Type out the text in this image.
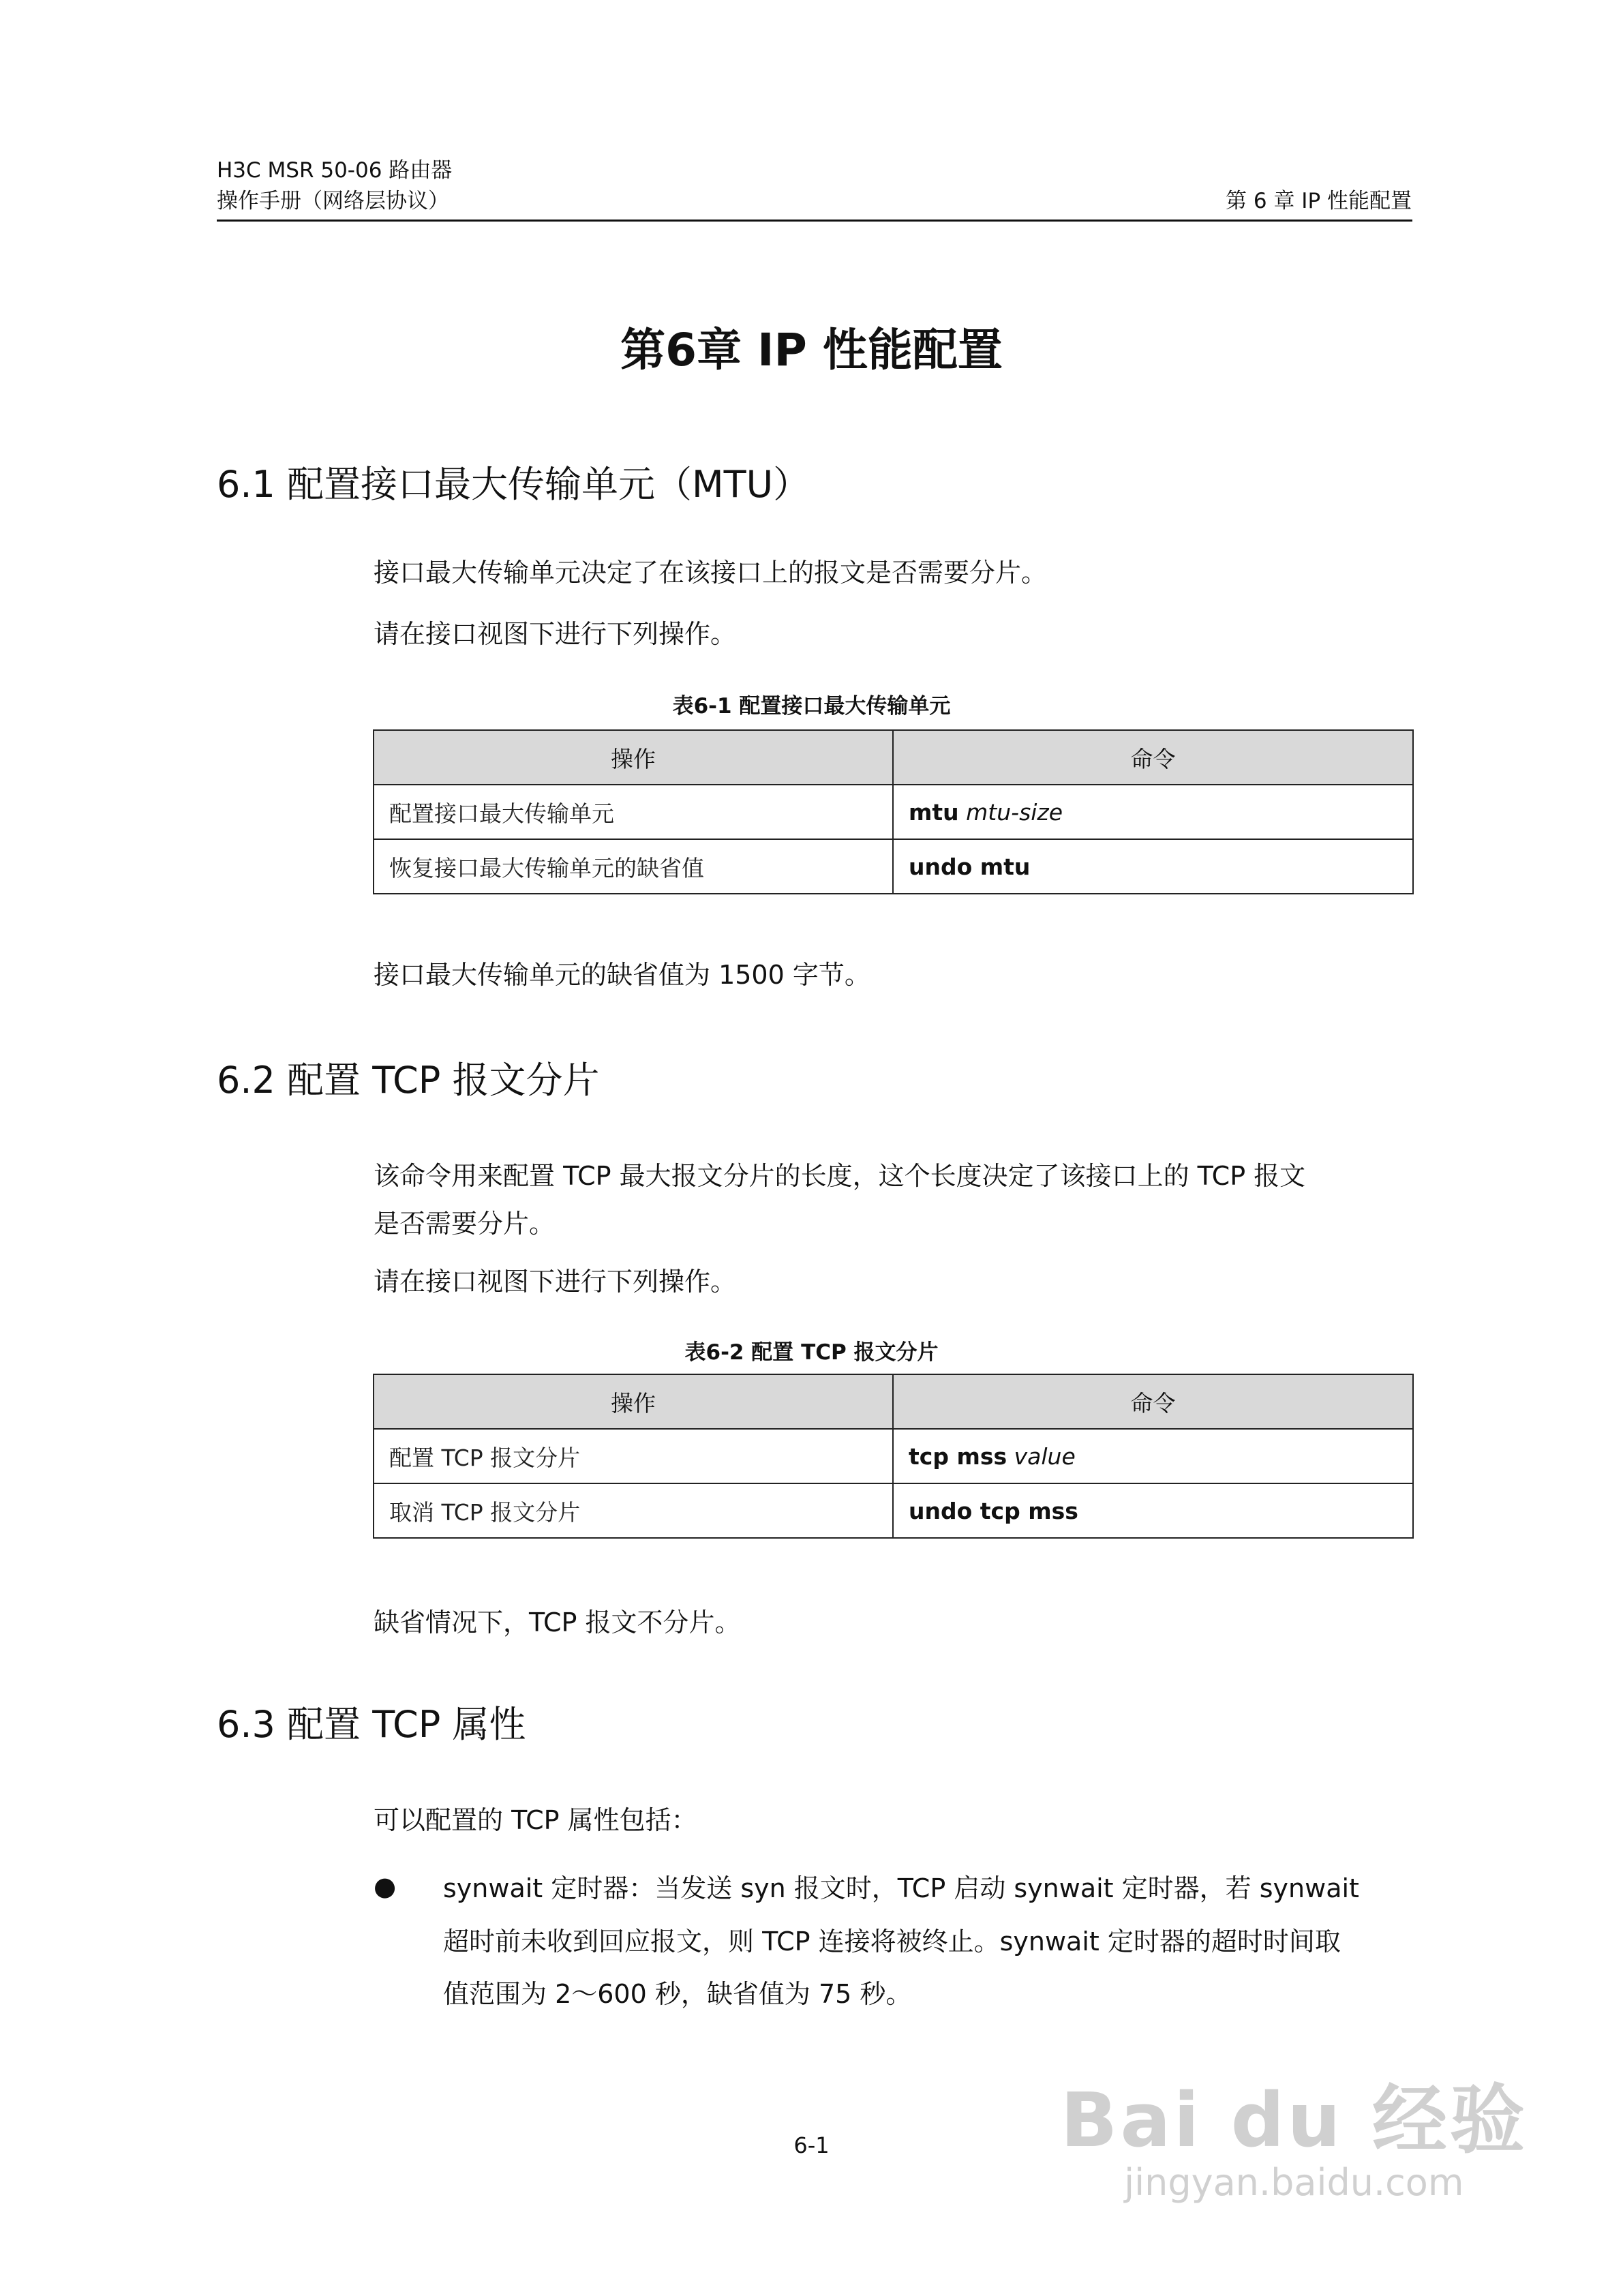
H3C MSR 50-06 路由器
操作手册（网络层协议）	第 6 章 IP 性能配置
第6章 IP 性能配置
6.1 配置接口最大传输单元（MTU）
接口最大传输单元决定了在该接口上的报文是否需要分片。
请在接口视图下进行下列操作。
表6-1 配置接口最大传输单元
操作	命令
配置接口最大传输单元	mtu mtu-size
恢复接口最大传输单元的缺省值	undo mtu
接口最大传输单元的缺省值为 1500 字节。
6.2 配置 TCP 报文分片
该命令用来配置 TCP 最大报文分片的长度，这个长度决定了该接口上的 TCP 报文
是否需要分片。
请在接口视图下进行下列操作。
表6-2 配置 TCP 报文分片
操作	命令
配置 TCP 报文分片	tcp mss value
取消 TCP 报文分片	undo tcp mss
缺省情况下，TCP 报文不分片。
6.3 配置 TCP 属性
可以配置的 TCP 属性包括：
● synwait 定时器：当发送 syn 报文时，TCP 启动 synwait 定时器，若 synwait
超时前未收到回应报文，则 TCP 连接将被终止。synwait 定时器的超时时间取
值范围为 2～600 秒，缺省值为 75 秒。
6-1	Bai du 经验
jingyan.baidu.com
